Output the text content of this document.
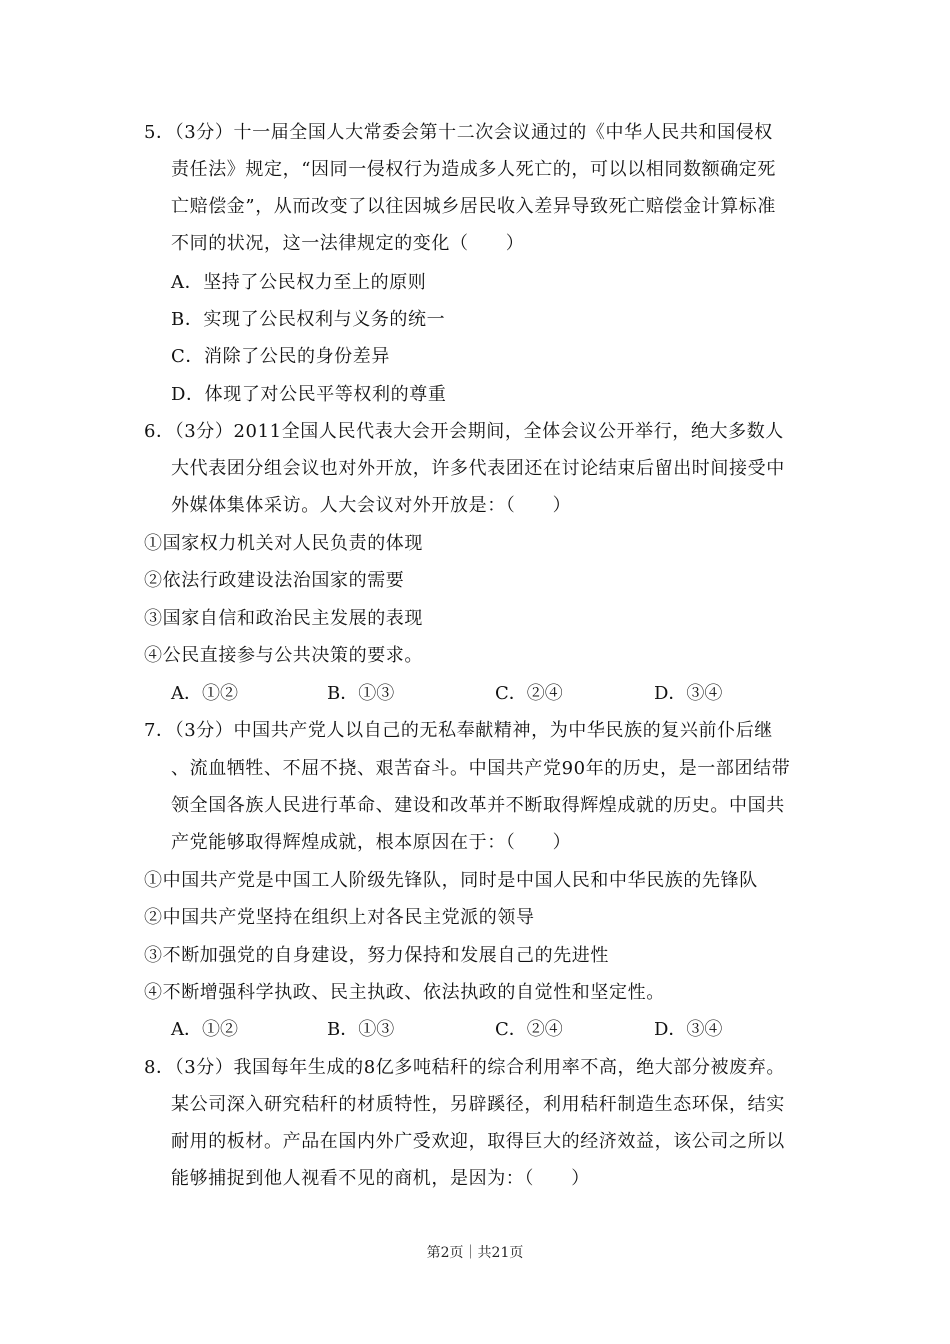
5．（3分）十一届全国人大常委会第十二次会议通过的《中华人民共和国侵权
责任法》规定，“因同一侵权行为造成多人死亡的，可以以相同数额确定死
亡赔偿金”，从而改变了以往因城乡居民收入差异导致死亡赔偿金计算标准
不同的状况，这一法律规定的变化（　　）
A．坚持了公民权力至上的原则
B．实现了公民权利与义务的统一
C．消除了公民的身份差异
D．体现了对公民平等权利的尊重
6．（3分）2011全国人民代表大会开会期间，全体会议公开举行，绝大多数人
大代表团分组会议也对外开放，许多代表团还在讨论结束后留出时间接受中
外媒体集体采访。人大会议对外开放是：（　　）
①国家权力机关对人民负责的体现
②依法行政建设法治国家的需要
③国家自信和政治民主发展的表现
④公民直接参与公共决策的要求。
A．①②	B．①③	C．②④	D．③④
7．（3分）中国共产党人以自己的无私奉献精神，为中华民族的复兴前仆后继
、流血牺牲、不屈不挠、艰苦奋斗。中国共产党90年的历史，是一部团结带
领全国各族人民进行革命、建设和改革并不断取得辉煌成就的历史。中国共
产党能够取得辉煌成就，根本原因在于：（　　）
①中国共产党是中国工人阶级先锋队，同时是中国人民和中华民族的先锋队
②中国共产党坚持在组织上对各民主党派的领导
③不断加强党的自身建设，努力保持和发展自己的先进性
④不断增强科学执政、民主执政、依法执政的自觉性和坚定性。
A．①②	B．①③	C．②④	D．③④
8．（3分）我国每年生成的8亿多吨秸秆的综合利用率不高，绝大部分被废弃。
某公司深入研究秸秆的材质特性，另辟蹊径，利用秸秆制造生态环保，结实
耐用的板材。产品在国内外广受欢迎，取得巨大的经济效益，该公司之所以
能够捕捉到他人视看不见的商机，是因为：（　　）
第2页｜共21页
